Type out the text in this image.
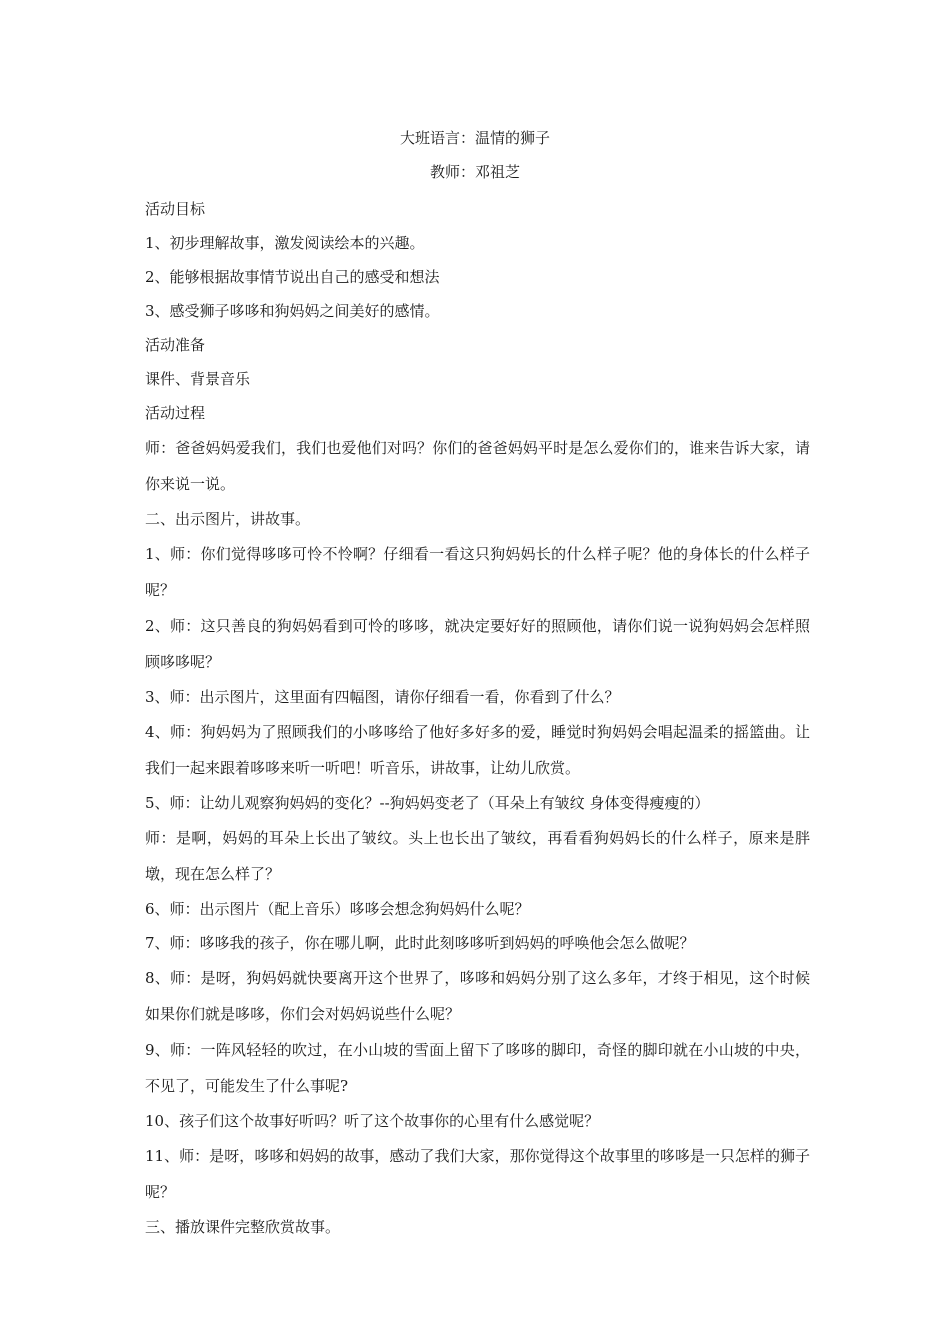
大班语言：温情的狮子

教师：邓祖芝

活动目标

1、初步理解故事，激发阅读绘本的兴趣。

2、能够根据故事情节说出自己的感受和想法

3、感受狮子哆哆和狗妈妈之间美好的感情。

活动准备

课件、背景音乐

活动过程

师：爸爸妈妈爱我们，我们也爱他们对吗？你们的爸爸妈妈平时是怎么爱你们的，谁来告诉大家，请你来说一说。

二、出示图片，讲故事。

1、师：你们觉得哆哆可怜不怜啊？仔细看一看这只狗妈妈长的什么样子呢？他的身体长的什么样子呢？

2、师：这只善良的狗妈妈看到可怜的哆哆，就决定要好好的照顾他，请你们说一说狗妈妈会怎样照顾哆哆呢？

3、师：出示图片，这里面有四幅图，请你仔细看一看，你看到了什么？

4、师：狗妈妈为了照顾我们的小哆哆给了他好多好多的爱，睡觉时狗妈妈会唱起温柔的摇篮曲。让我们一起来跟着哆哆来听一听吧！听音乐，讲故事，让幼儿欣赏。

5、师：让幼儿观察狗妈妈的变化？--狗妈妈变老了（耳朵上有皱纹 身体变得瘦瘦的）

师：是啊，妈妈的耳朵上长出了皱纹。头上也长出了皱纹，再看看狗妈妈长的什么样子，原来是胖墩，现在怎么样了？

6、师：出示图片（配上音乐）哆哆会想念狗妈妈什么呢？

7、师：哆哆我的孩子，你在哪儿啊，此时此刻哆哆听到妈妈的呼唤他会怎么做呢？

8、师：是呀，狗妈妈就快要离开这个世界了，哆哆和妈妈分别了这么多年，才终于相见，这个时候如果你们就是哆哆，你们会对妈妈说些什么呢？

9、师：一阵风轻轻的吹过，在小山坡的雪面上留下了哆哆的脚印，奇怪的脚印就在小山坡的中央，不见了，可能发生了什么事呢?

10、孩子们这个故事好听吗？听了这个故事你的心里有什么感觉呢？

11、师：是呀，哆哆和妈妈的故事，感动了我们大家，那你觉得这个故事里的哆哆是一只怎样的狮子呢？

三、播放课件完整欣赏故事。
